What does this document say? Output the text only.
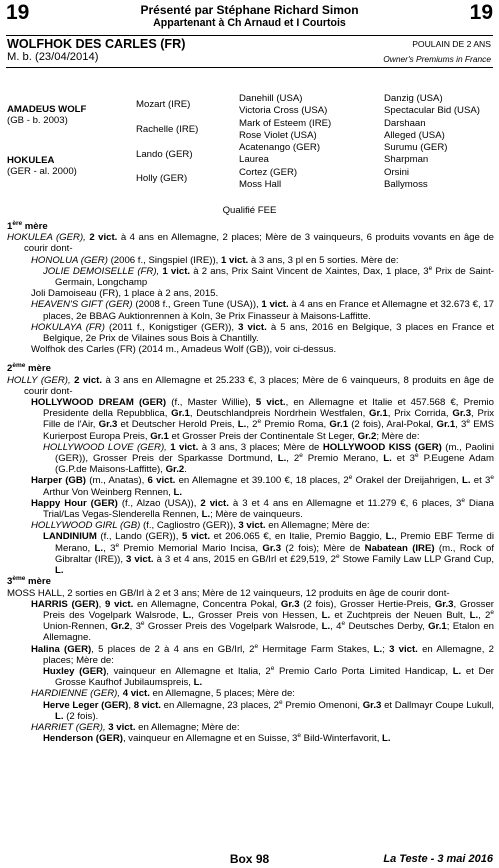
19	19
Présenté par Stéphane Richard Simon
Appartenant à Ch Arnaud et I Courtois
WOLFHOK DES CARLES (FR)	POULAIN DE 2 ANS
M. b. (23/04/2014)	Owner's Premiums in France
AMADEUS WOLF
(GB - b. 2003)
HOKULEA
(GER - al. 2000)
Mozart (IRE)
Rachelle (IRE)
Lando (GER)
Holly (GER)
Danehill (USA)
Victoria Cross (USA)
Mark of Esteem (IRE)
Rose Violet (USA)
Acatenango (GER)
Laurea
Cortez (GER)
Moss Hall
Danzig (USA)
Spectacular Bid (USA)
Darshaan
Alleged (USA)
Surumu (GER)
Sharpman
Orsini
Ballymoss
Qualifié FEE
1ère mère
HOKULEA (GER), 2 vict. à 4 ans en Allemagne, 2 places; Mère de 3 vainqueurs, 6 produits vovants en âge de courir dont-
HONOLUA (GER) (2006 f., Singspiel (IRE)), 1 vict. à 3 ans, 3 pl en 5 sorties. Mère de:
JOLIE DEMOISELLE (FR), 1 vict. à 2 ans, Prix Saint Vincent de Xaintes, Dax, 1 place, 3e Prix de Saint-Germain, Longchamp
Joli Damoiseau (FR), 1 place à 2 ans, 2015.
HEAVEN'S GIFT (GER) (2008 f., Green Tune (USA)), 1 vict. à 4 ans en France et Allemagne et 32.673 €, 17 places, 2e BBAG Auktionrennen à Koln, 3e Prix Finasseur à Maisons-Laffitte.
HOKULAYA (FR) (2011 f., Konigstiger (GER)), 3 vict. à 5 ans, 2016 en Belgique, 3 places en France et Belgique, 2e Prix de Vilaines sous Bois à Chantilly.
Wolfhok des Carles (FR) (2014 m., Amadeus Wolf (GB)), voir ci-dessus.
2ème mère
HOLLY (GER), 2 vict. à 3 ans en Allemagne et 25.233 €, 3 places; Mère de 6 vainqueurs, 8 produits en âge de courir dont-
HOLLYWOOD DREAM (GER) (f., Master Willie), 5 vict., en Allemagne et Italie et 457.568 €, Premio Presidente della Repubblica, Gr.1, Deutschlandpreis Nordrhein Westfalen, Gr.1, Prix Corrida, Gr.3, Prix Fille de l'Air, Gr.3 et Deutscher Herold Preis, L., 2e Premio Roma, Gr.1 (2 fois), Aral-Pokal, Gr.1, 3e EMS Kurierpost Europa Preis, Gr.1 et Grosser Preis der Continentale St Leger, Gr.2; Mère de:
HOLLYWOOD LOVE (GER), 1 vict. à 3 ans, 3 places; Mère de HOLLYWOOD KISS (GER) (m., Paolini (GER)), Grosser Preis der Sparkasse Dortmund, L., 2e Premio Merano, L. et 3e P.Eugene Adam (G.P.de Maisons-Laffitte), Gr.2.
Harper (GB) (m., Anatas), 6 vict. en Allemagne et 39.100 €, 18 places, 2e Orakel der Dreijahrigen, L. et 3e Arthur Von Weinberg Rennen, L.
Happy Hour (GER) (f., Alzao (USA)), 2 vict. à 3 et 4 ans en Allemagne et 11.279 €, 6 places, 3e Diana Trial/Las Vegas-Slenderella Rennen, L.; Mère de vainqueurs.
HOLLYWOOD GIRL (GB) (f., Cagliostro (GER)), 3 vict. en Allemagne; Mère de:
LANDINIUM (f., Lando (GER)), 5 vict. et 206.065 €, en Italie, Premio Baggio, L., Premio EBF Terme di Merano, L., 3e Premio Memorial Mario Incisa, Gr.3 (2 fois); Mère de Nabatean (IRE) (m., Rock of Gibraltar (IRE)), 3 vict. à 3 et 4 ans, 2015 en GB/Irl et £29,519, 2e Stowe Family Law LLP Grand Cup, L.
3ème mère
MOSS HALL, 2 sorties en GB/Irl à 2 et 3 ans; Mère de 12 vainqueurs, 12 produits en âge de courir dont-
HARRIS (GER), 9 vict. en Allemagne, Concentra Pokal, Gr.3 (2 fois), Grosser Hertie-Preis, Gr.3, Grosser Preis des Vogelpark Walsrode, L., Grosser Preis von Hessen, L. et Zuchtpreis der Neuen Bult, L., 2e Union-Rennen, Gr.2, 3e Grosser Preis des Vogelpark Walsrode, L., 4e Deutsches Derby, Gr.1; Etalon en Allemagne.
Halina (GER), 5 places de 2 à 4 ans en GB/Irl, 2e Hermitage Farm Stakes, L.; 3 vict. en Allemagne, 2 places; Mère de:
Huxley (GER), vainqueur en Allemagne et Italia, 2e Premio Carlo Porta Limited Handicap, L. et Der Grosse Kaufhof Jubilaumspreis, L.
HARDIENNE (GER), 4 vict. en Allemagne, 5 places; Mère de:
Herve Leger (GER), 8 vict. en Allemagne, 23 places, 2e Premio Omenoni, Gr.3 et Dallmayr Coupe Lukull, L. (2 fois).
HARRIET (GER), 3 vict. en Allemagne; Mère de:
Henderson (GER), vainqueur en Allemagne et en Suisse, 3e Bild-Winterfavorit, L.
Box 98	La Teste - 3 mai 2016
